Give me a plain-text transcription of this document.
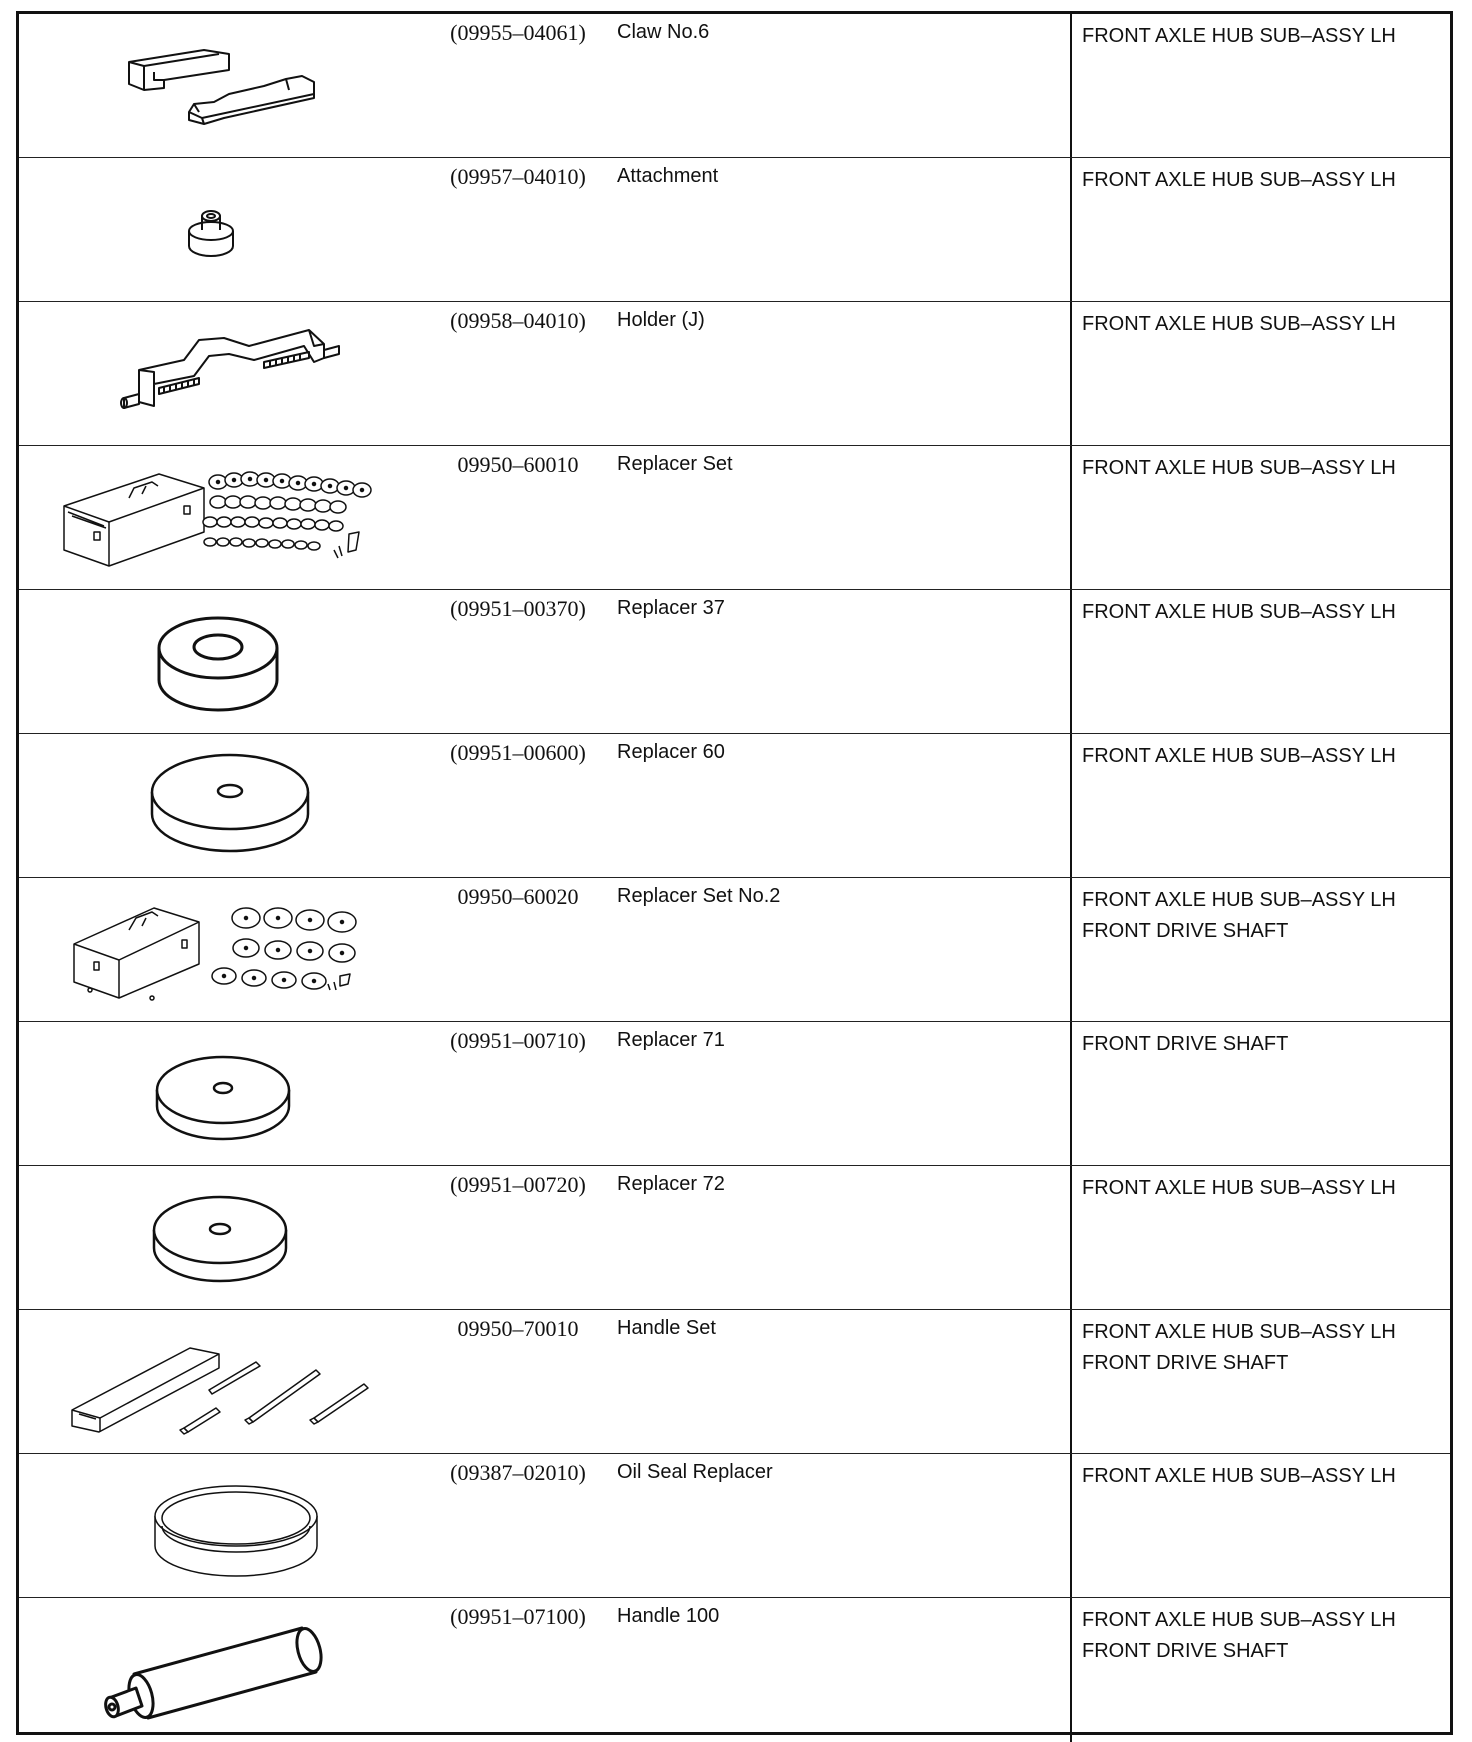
(09955–04061)	Claw No.6	FRONT AXLE HUB SUB–ASSY LH
(09957–04010)	Attachment	FRONT AXLE HUB SUB–ASSY LH
(09958–04010)	Holder (J)	FRONT AXLE HUB SUB–ASSY LH
09950–60010	Replacer Set	FRONT AXLE HUB SUB–ASSY LH
(09951–00370)	Replacer 37	FRONT AXLE HUB SUB–ASSY LH
(09951–00600)	Replacer 60	FRONT AXLE HUB SUB–ASSY LH
09950–60020	Replacer Set No.2	FRONT AXLE HUB SUB–ASSY LH
FRONT DRIVE SHAFT
(09951–00710)	Replacer 71	FRONT DRIVE SHAFT
(09951–00720)	Replacer 72	FRONT AXLE HUB SUB–ASSY LH
09950–70010	Handle Set	FRONT AXLE HUB SUB–ASSY LH
FRONT DRIVE SHAFT
(09387–02010)	Oil Seal Replacer	FRONT AXLE HUB SUB–ASSY LH
(09951–07100)	Handle 100	FRONT AXLE HUB SUB–ASSY LH
FRONT DRIVE SHAFT
